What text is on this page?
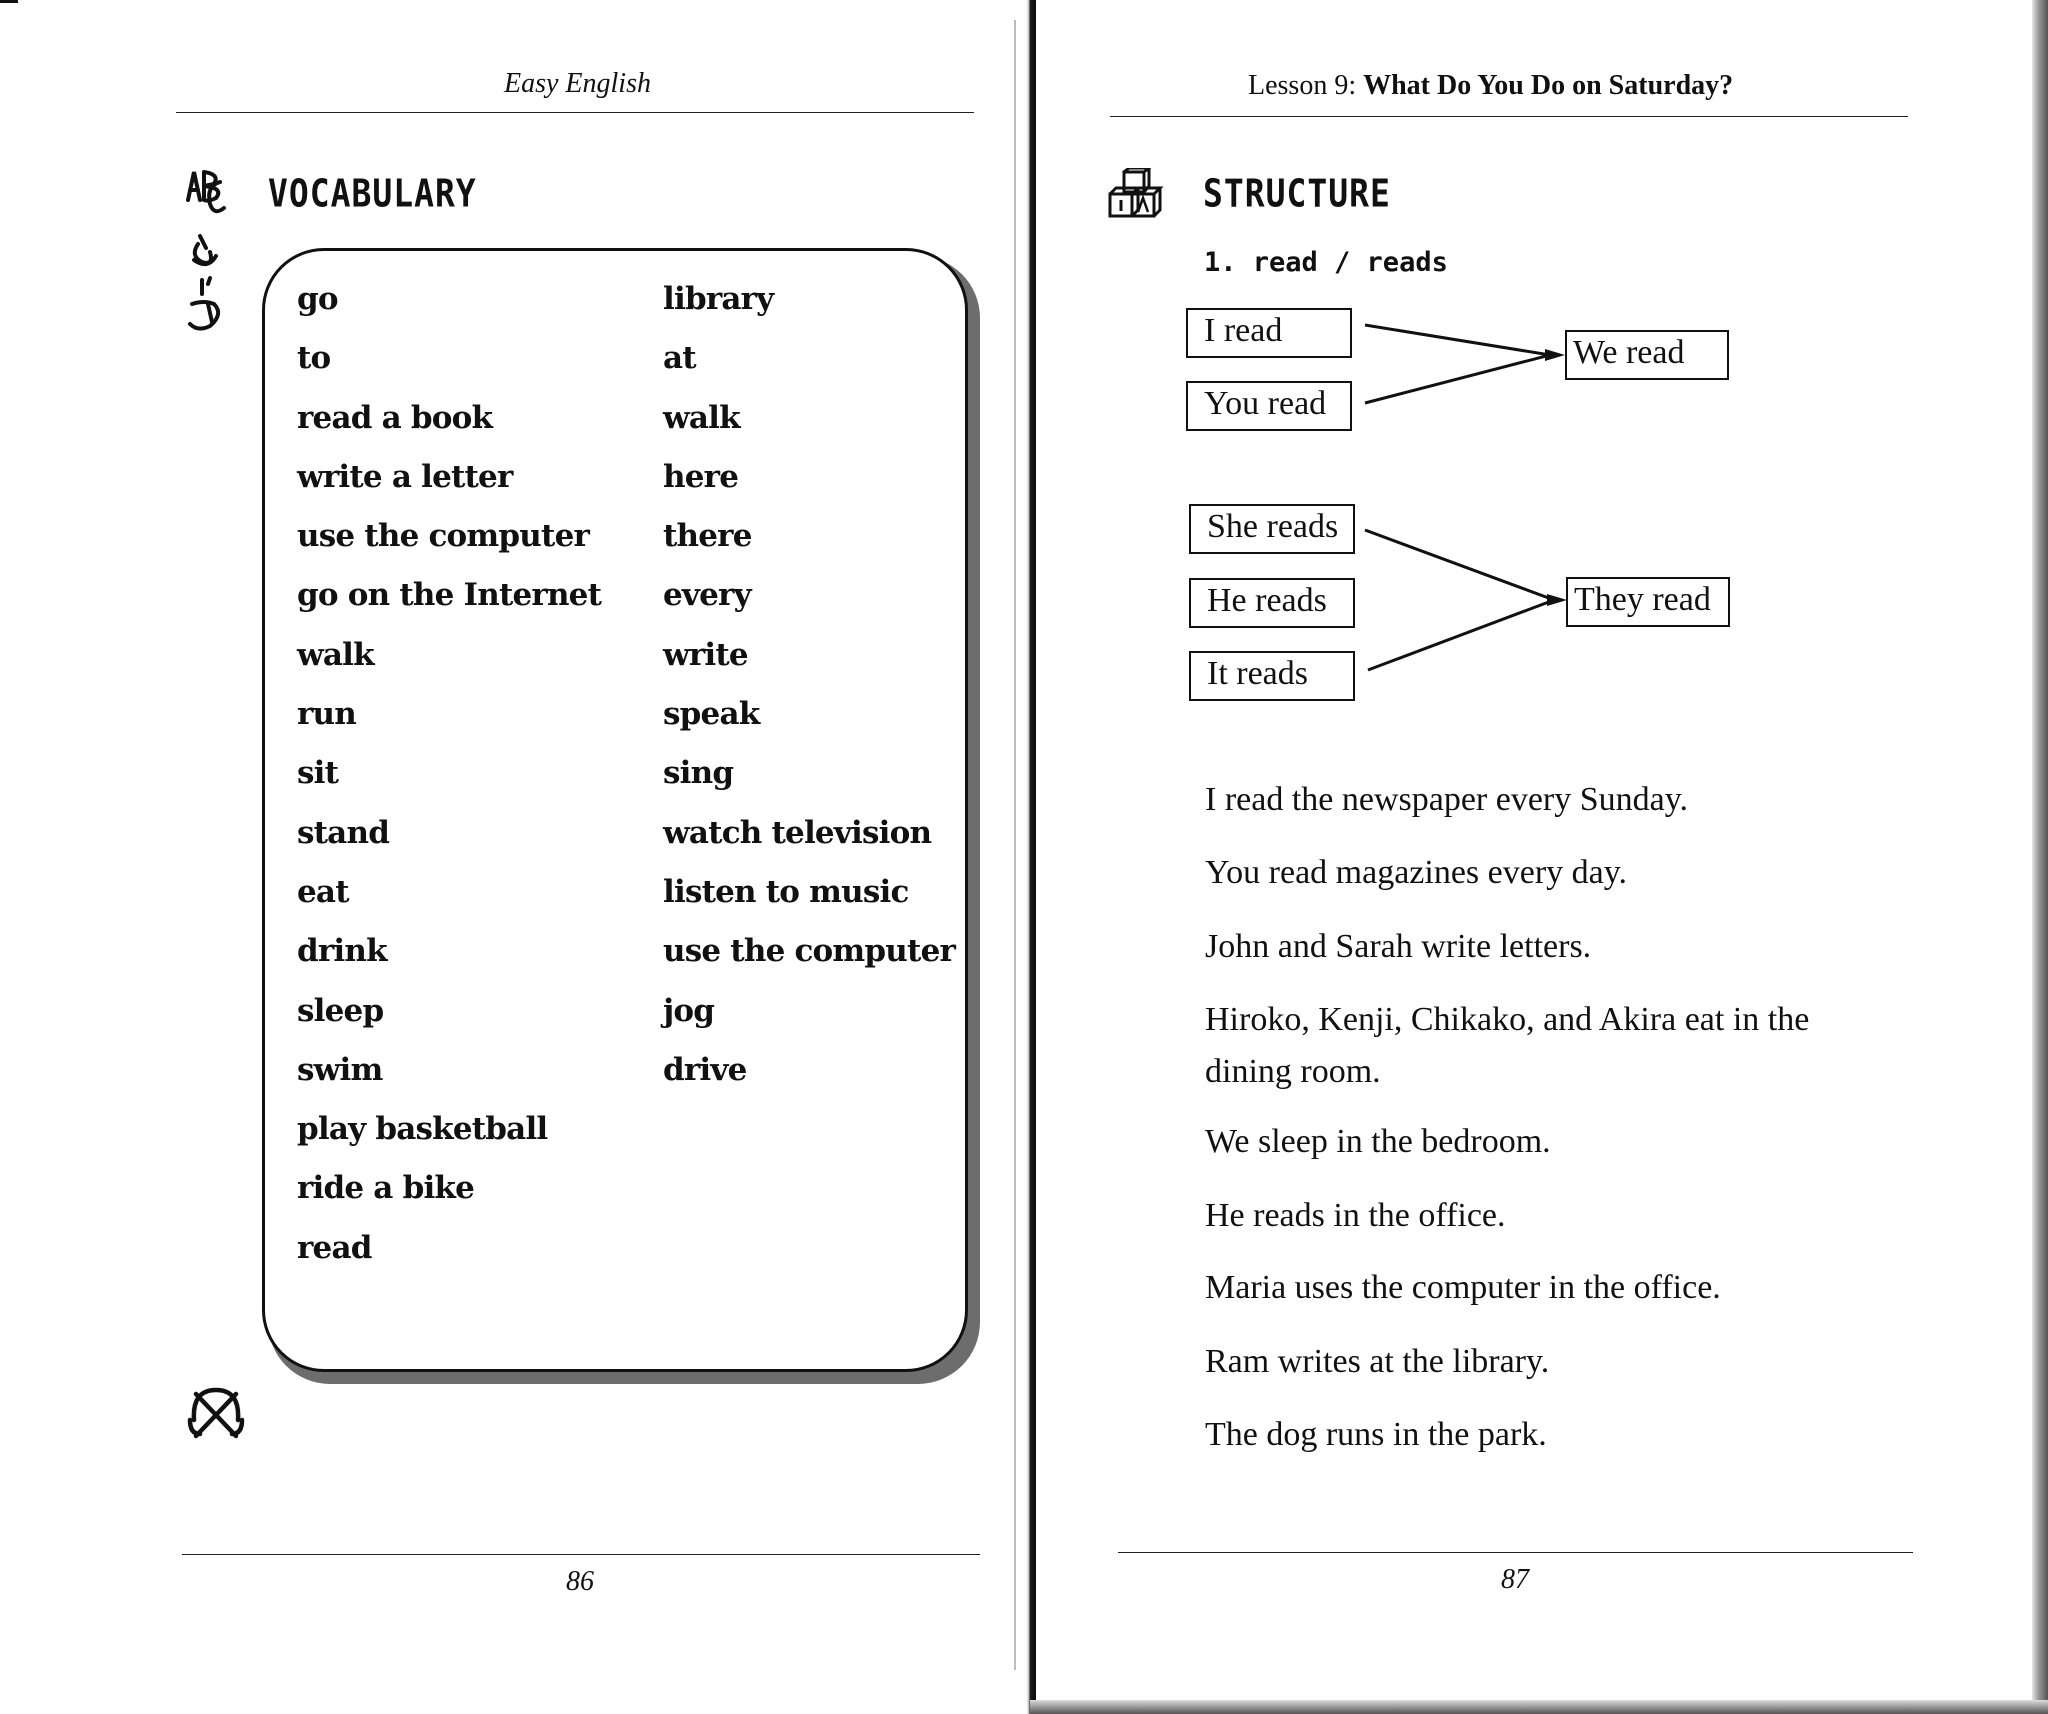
Easy English
VOCABULARY
go
to
read a book
write a letter
use the computer
go on the Internet
walk
run
sit
stand
eat
drink
sleep
swim
play basketball
ride a bike
read
library
at
walk
here
there
every
write
speak
sing
watch television
listen to music
use the computer
jog
drive
86
Lesson 9: What Do You Do on Saturday?
STRUCTURE
1. read / reads
I read
You read
We read
She reads
He reads
It reads
They read

I read the newspaper every Sunday.

You read magazines every day.

John and Sarah write letters.

Hiroko, Kenji, Chikako, and Akira eat in the dining room.

We sleep in the bedroom.

He reads in the office.

Maria uses the computer in the office.

Ram writes at the library.

The dog runs in the park.

87
